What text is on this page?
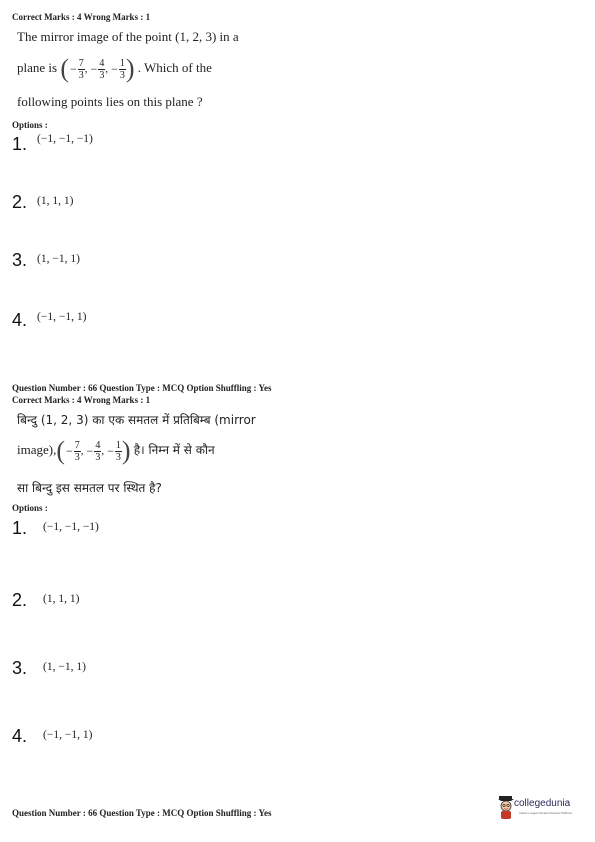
Correct Marks : 4 Wrong Marks : 1
The mirror image of the point (1, 2, 3) in a
plane is (− $\frac{7}{3}$ , − $\frac{4}{3}$ , − $\frac{1}{3}$ ) . Which of the
following points lies on this plane ?
Options :
1. $^{(-1, -1, -1)}$
2. $^{(1, 1, 1)}$
3. $^{(1, -1, 1)}$
4. $^{(-1, -1, 1)}$
Question Number : 66 Question Type : MCQ Option Shuffling : Yes
Correct Marks : 4 Wrong Marks : 1
बिन्दु (1, 2, 3) का एक समतल में प्रतिबिम्ब (mirror
image),(− $\frac{7}{3}$ , − $\frac{4}{3}$ , − $\frac{1}{3}$ ) है। निम्न में से कौन
सा बिन्दु इस समतल पर स्थित है?
Options :
1. $^{(-1, -1, -1)}$
2. $^{(1, 1, 1)}$
3. $^{(1, -1, 1)}$
4. $^{(-1, -1, 1)}$
Question Number : 66 Question Type : MCQ Option Shuffling : Yes
collegedunia
India's Largest Student Review Platform
